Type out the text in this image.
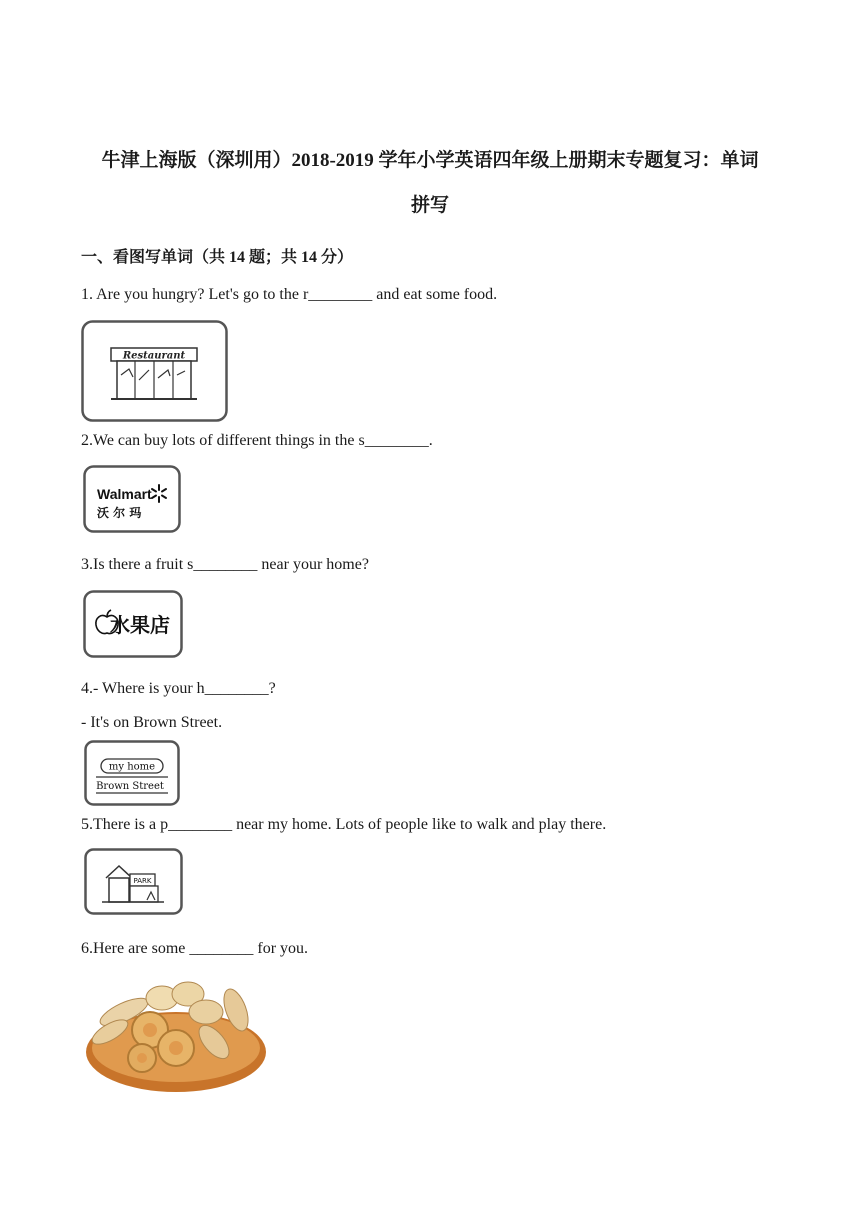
牛津上海版（深圳用）2018-2019 学年小学英语四年级上册期末专题复习：单词
拼写
一、看图写单词（共 14 题；共 14 分）
1. Are you hungry? Let's go to the r________ and eat some food.
Restaurant
2.We can buy lots of different things in the s________.
Walmart
沃 尔 玛
3.Is there a fruit s________ near your home?
水果店
4.- Where is your h________?
- It's on Brown Street.
my home
Brown Street
5.There is a p________ near my home. Lots of people like to walk and play there.
PARK
6.Here are some ________ for you.
